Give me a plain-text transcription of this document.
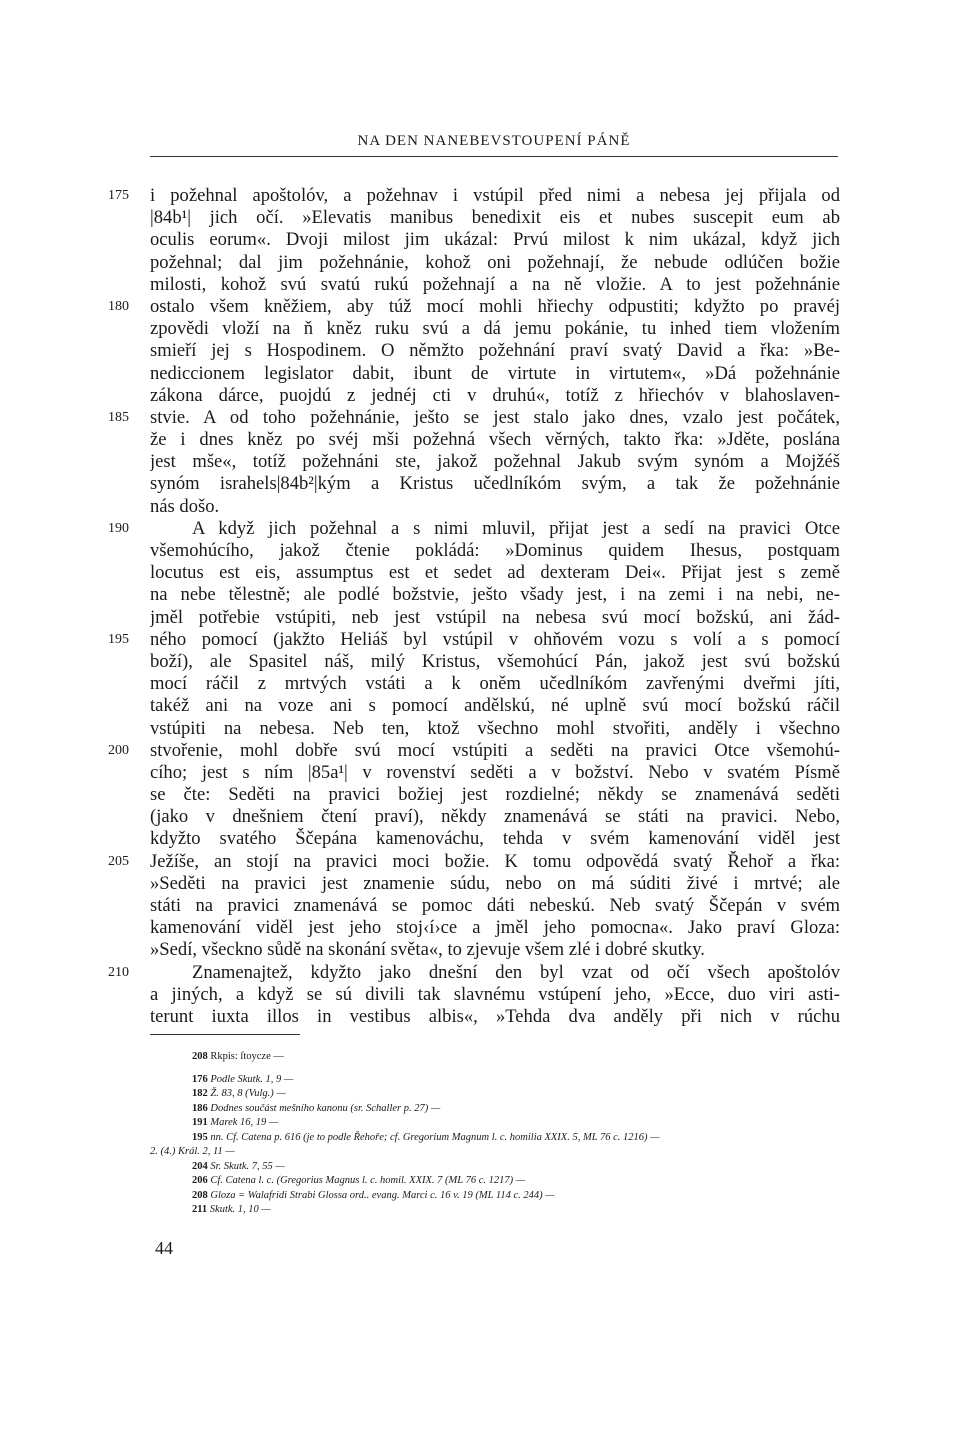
NA DEN NANEBEVSTOUPENÍ PÁNĚ
175
180
185
190
195
200
205
210
i požehnal apoštolóv, a požehnav i vstúpil před nimi a nebesa jej přijala od
|84b¹| jich očí. »Elevatis manibus benedixit eis et nubes suscepit eum ab
oculis eorum«. Dvoji milost jim ukázal: Prvú milost k nim ukázal, když jich
požehnal; dal jim požehnánie, kohož oni požehnají, že nebude odlúčen božie
milosti, kohož svú svatú rukú požehnají a na ně vložie. A to jest požehnánie
ostalo všem kněžiem, aby túž mocí mohli hřiechy odpustiti; kdyžto po pravéj
zpovědi vloží na ň kněz ruku svú a dá jemu pokánie, tu inhed tiem vložením
smieří jej s Hospodinem. O němžto požehnání praví svatý David a řka: »Be-
nediccionem legislator dabit, ibunt de virtute in virtutem«, »Dá požehnánie
zákona dárce, puojdú z jednéj cti v druhú«, totíž z hřiechóv v blahoslaven-
stvie. A od toho požehnánie, ješto se jest stalo jako dnes, vzalo jest počátek,
že i dnes kněz po svéj mši požehná všech věrných, takto řka: »Jděte, poslána
jest mše«, totíž požehnáni ste, jakož požehnal Jakub svým synóm a Mojžéš
synóm israhels|84b²|kým a Kristus učedlníkóm svým, a tak že požehnánie
nás došo.
A když jich požehnal a s nimi mluvil, přijat jest a sedí na pravici Otce
všemohúcího, jakož čtenie pokládá: »Dominus quidem Ihesus, postquam
locutus est eis, assumptus est et sedet ad dexteram Dei«. Přijat jest s země
na nebe tělestně; ale podlé božstvie, ješto všady jest, i na zemi i na nebi, ne-
jměl potřebie vstúpiti, neb jest vstúpil na nebesa svú mocí božskú, ani žád-
ného pomocí (jakžto Heliáš byl vstúpil v ohňovém vozu s volí a s pomocí
boží), ale Spasitel náš, milý Kristus, všemohúcí Pán, jakož jest svú božskú
mocí ráčil z mrtvých vstáti a k oněm učedlníkóm zavřenými dveřmi jíti,
takéž ani na voze ani s pomocí andělskú, né uplně svú mocí božskú ráčil
vstúpiti na nebesa. Neb ten, ktož všechno mohl stvořiti, anděly i všechno
stvořenie, mohl dobře svú mocí vstúpiti a seděti na pravici Otce všemohú-
cího; jest s ním |85a¹| v rovenství seděti a v božství. Nebo v svatém Písmě
se čte: Seděti na pravici božiej jest rozdielné; někdy se znamenává seděti
(jako v dnešniem čtení praví), někdy znamenává se státi na pravici. Nebo,
kdyžto svatého Ščepána kamenováchu, tehda v svém kamenování viděl jest
Ježíše, an stojí na pravici moci božie. K tomu odpovědá svatý Řehoř a řka:
»Seděti na pravici jest znamenie súdu, nebo on má súditi živé i mrtvé; ale
státi na pravici znamenává se pomoc dáti nebeskú. Neb svatý Ščepán v svém
kamenování viděl jest jeho stoj‹í›ce a jměl jeho pomocna«. Jako praví Gloza:
»Sedí, všeckno sůdě na skonání světa«, to zjevuje všem zlé i dobré skutky.
Znamenajtež, kdyžto jako dnešní den byl vzat od očí všech apoštolóv
a jiných, a když se sú divili tak slavnému vstúpení jeho, »Ecce, duo viri asti-
terunt iuxta illos in vestibus albis«, »Tehda dva anděly při nich v rúchu
208 Rkpis: ſtoycze —
176 Podle Skutk. 1, 9 —
182 Ž. 83, 8 (Vulg.) —
186 Dodnes součást mešního kanonu (sr. Schaller p. 27) —
191 Marek 16, 19 —
195 nn. Cf. Catena p. 616 (je to podle Řehoře; cf. Gregorium Magnum l. c. homilia XXIX. 5, ML 76 c. 1216) —
2. (4.) Král. 2, 11 —
204 Sr. Skutk. 7, 55 —
206 Cf. Catena l. c. (Gregorius Magnus l. c. homil. XXIX. 7 (ML 76 c. 1217) —
208 Gloza = Walafridi Strabi Glossa ord.. evang. Marci c. 16 v. 19 (ML 114 c. 244) —
211 Skutk. 1, 10 —
44
